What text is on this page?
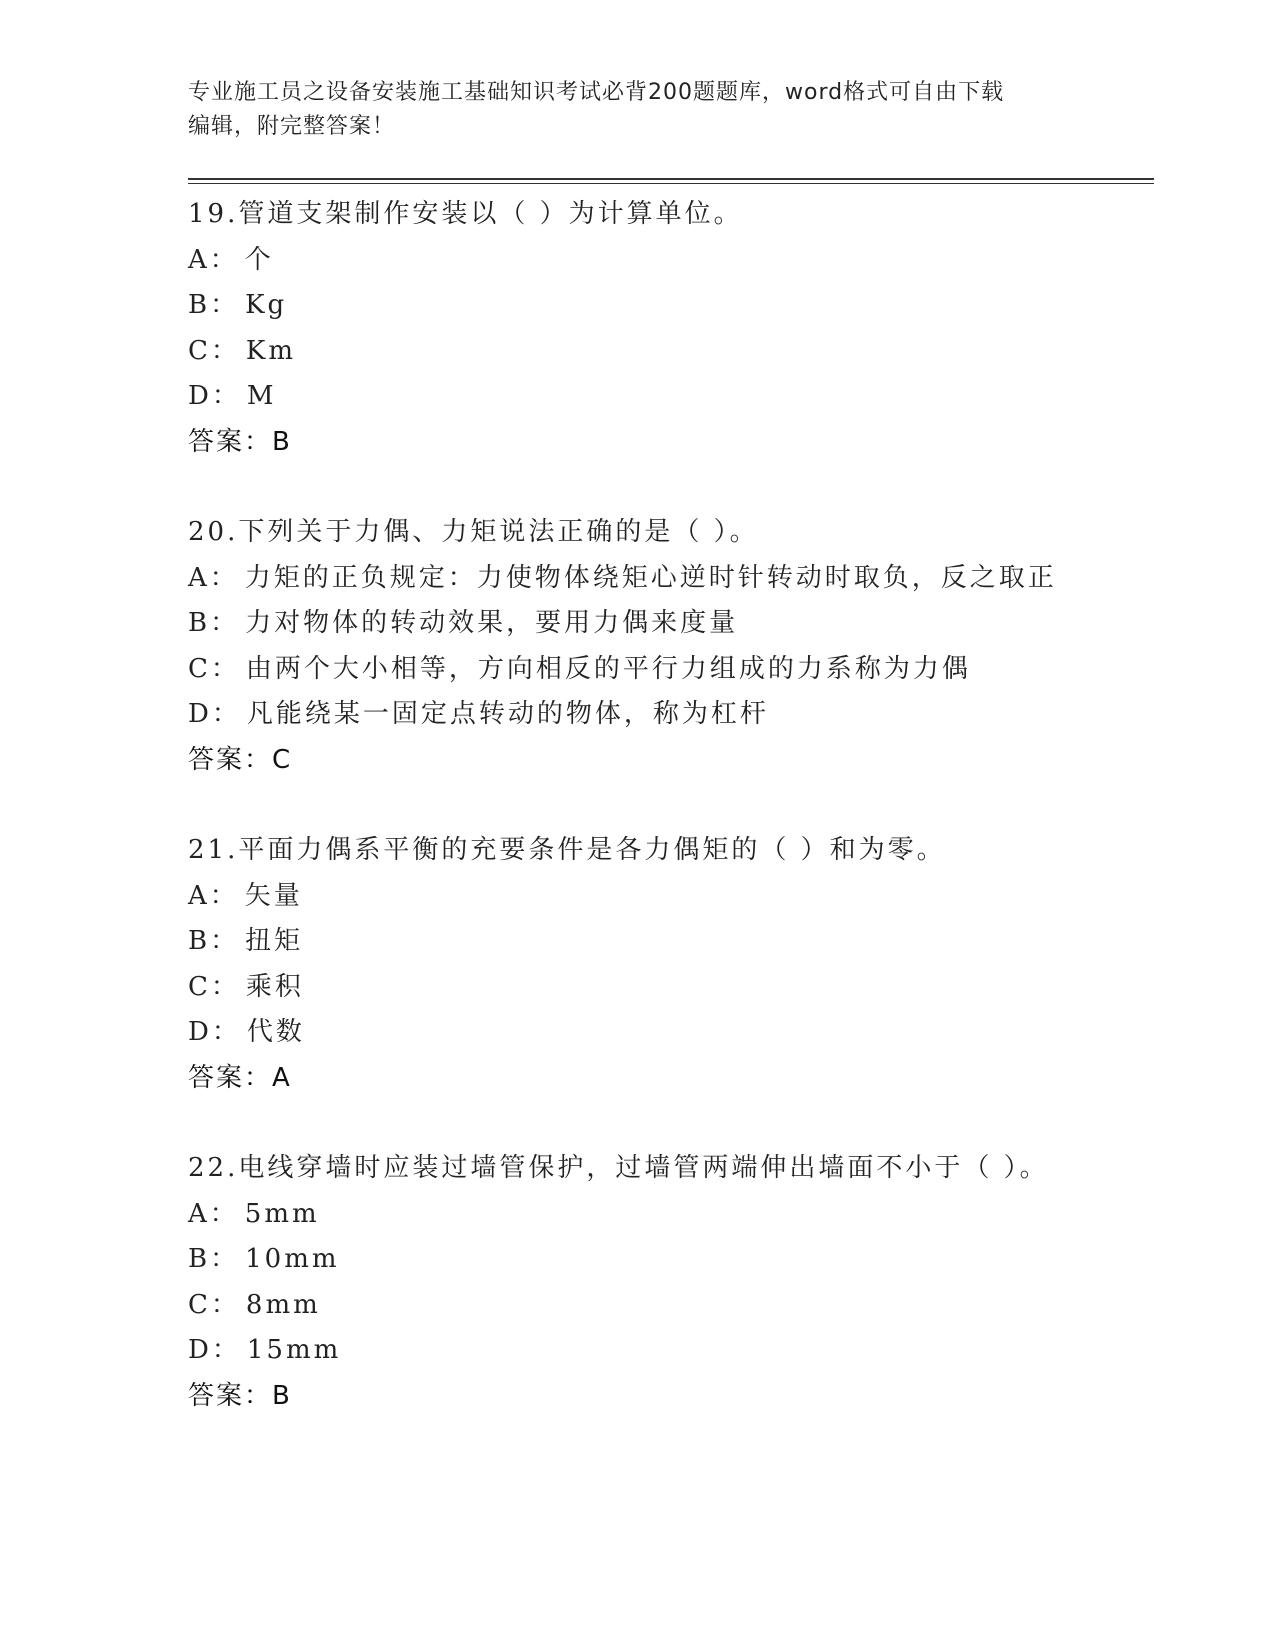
专业施工员之设备安装施工基础知识考试必背200题题库，word格式可自由下载
编辑，附完整答案！
19.管道支架制作安装以（ ）为计算单位。
A： 个
B： Kg
C： Km
D： M
答案：B
20.下列关于力偶、力矩说法正确的是（ ）。
A： 力矩的正负规定：力使物体绕矩心逆时针转动时取负，反之取正
B： 力对物体的转动效果，要用力偶来度量
C： 由两个大小相等，方向相反的平行力组成的力系称为力偶
D： 凡能绕某一固定点转动的物体，称为杠杆
答案：C
21.平面力偶系平衡的充要条件是各力偶矩的（ ）和为零。
A： 矢量
B： 扭矩
C： 乘积
D： 代数
答案：A
22.电线穿墙时应装过墙管保护，过墙管两端伸出墙面不小于（ ）。
A： 5mm
B： 10mm
C： 8mm
D： 15mm
答案：B
